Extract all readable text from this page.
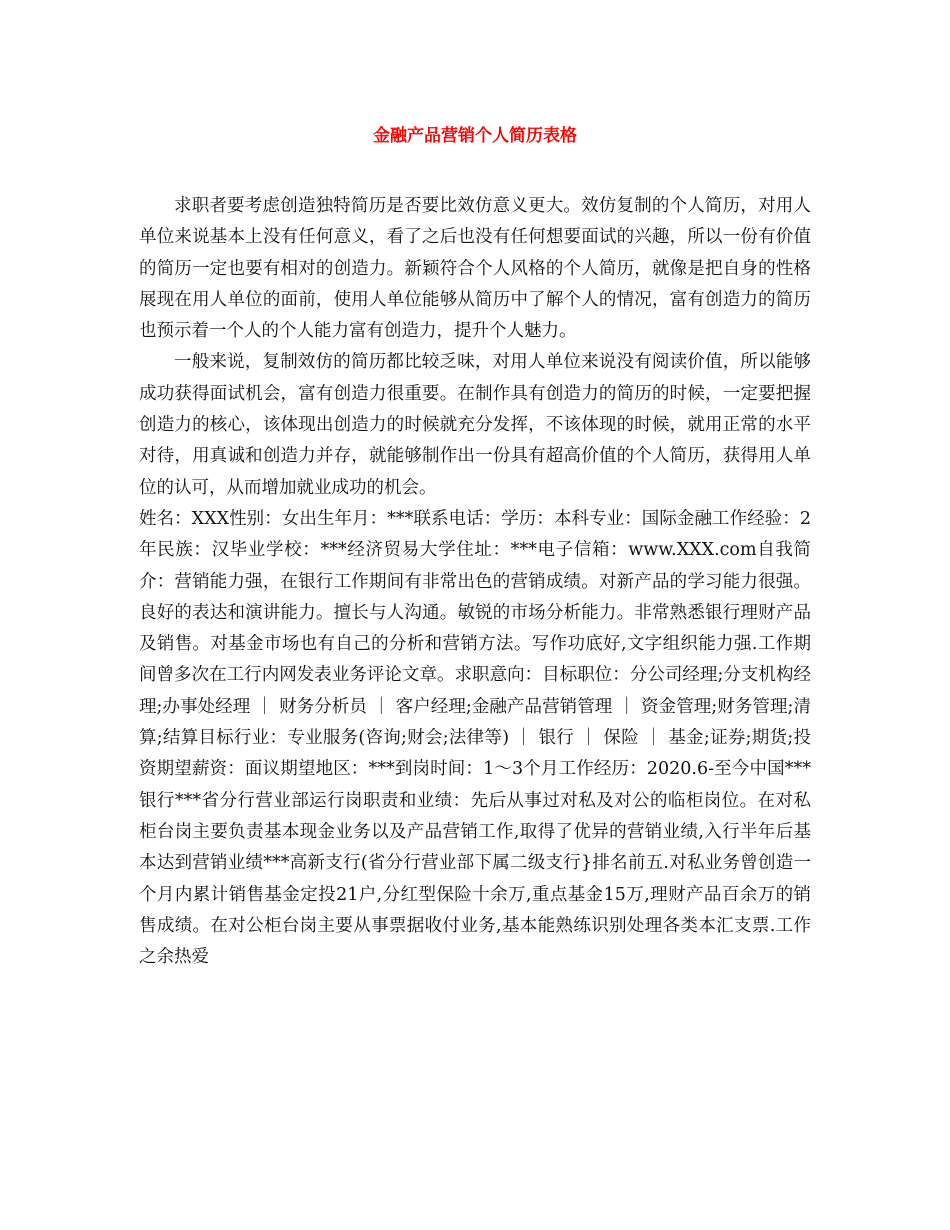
金融产品营销个人简历表格

求职者要考虑创造独特简历是否要比效仿意义更大。效仿复制的个人简历，对用人单位来说基本上没有任何意义，看了之后也没有任何想要面试的兴趣，所以一份有价值的简历一定也要有相对的创造力。新颖符合个人风格的个人简历，就像是把自身的性格展现在用人单位的面前，使用人单位能够从简历中了解个人的情况，富有创造力的简历也预示着一个人的个人能力富有创造力，提升个人魅力。

一般来说，复制效仿的简历都比较乏味，对用人单位来说没有阅读价值，所以能够成功获得面试机会，富有创造力很重要。在制作具有创造力的简历的时候，一定要把握创造力的核心，该体现出创造力的时候就充分发挥，不该体现的时候，就用正常的水平对待，用真诚和创造力并存，就能够制作出一份具有超高价值的个人简历，获得用人单位的认可，从而增加就业成功的机会。

姓名：XXX性别：女出生年月：***联系电话：学历：本科专业：国际金融工作经验：2年民族：汉毕业学校：***经济贸易大学住址：***电子信箱：www.XXX.com自我简介：营销能力强，在银行工作期间有非常出色的营销成绩。对新产品的学习能力很强。良好的表达和演讲能力。擅长与人沟通。敏锐的市场分析能力。非常熟悉银行理财产品及销售。对基金市场也有自己的分析和营销方法。写作功底好,文字组织能力强.工作期间曾多次在工行内网发表业务评论文章。求职意向：目标职位：分公司经理;分支机构经理;办事处经理 ｜ 财务分析员 ｜ 客户经理;金融产品营销管理 ｜ 资金管理;财务管理;清算;结算目标行业：专业服务(咨询;财会;法律等) ｜ 银行 ｜ 保险 ｜ 基金;证券;期货;投资期望薪资：面议期望地区：***到岗时间：1～3个月工作经历：2020.6-至今中国***银行***省分行营业部运行岗职责和业绩：先后从事过对私及对公的临柜岗位。在对私柜台岗主要负责基本现金业务以及产品营销工作,取得了优异的营销业绩,入行半年后基本达到营销业绩***高新支行(省分行营业部下属二级支行}排名前五.对私业务曾创造一个月内累计销售基金定投21户,分红型保险十余万,重点基金15万,理财产品百余万的销售成绩。在对公柜台岗主要从事票据收付业务,基本能熟练识别处理各类本汇支票.工作之余热爱
